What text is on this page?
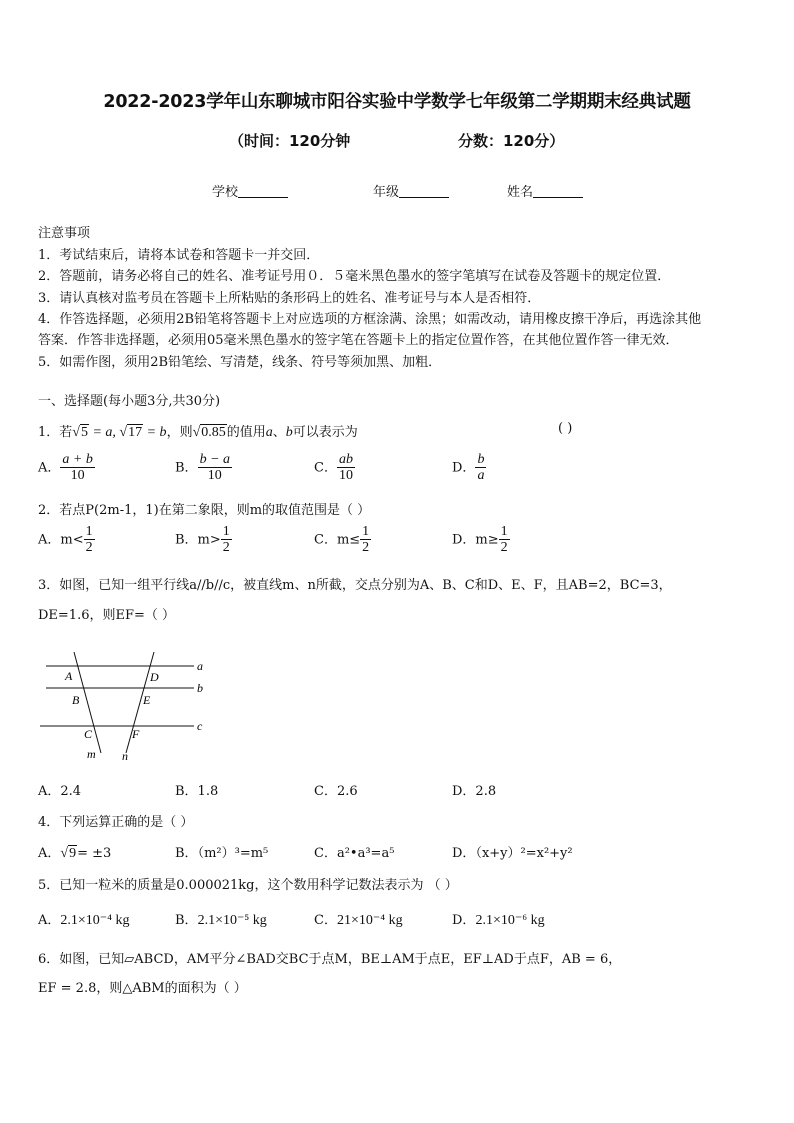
2022-2023学年山东聊城市阳谷实验中学数学七年级第二学期期末经典试题
（时间：120分钟	分数：120分）
学校	年级	姓名
注意事项
1．考试结束后，请将本试卷和答题卡一并交回．
2．答题前，请务必将自己的姓名、准考证号用０．５毫米黑色墨水的签字笔填写在试卷及答题卡的规定位置．
3．请认真核对监考员在答题卡上所粘贴的条形码上的姓名、准考证号与本人是否相符．
4．作答选择题，必须用2B铅笔将答题卡上对应选项的方框涂满、涂黑；如需改动，请用橡皮擦干净后，再选涂其他
答案．作答非选择题，必须用05毫米黑色墨水的签字笔在答题卡上的指定位置作答，在其他位置作答一律无效．
5．如需作图，须用2B铅笔绘、写清楚，线条、符号等须加黑、加粗．
一、选择题(每小题3分,共30分)
1．若√5 = a, √17 = b，则√0.85的值用a、b可以表示为	( )
A． $\frac{a + b}{10}$	B． $\frac{b - a}{10}$	C． $\frac{ab}{10}$	D． $\frac{b}{a}$
2．若点P(2m-1，1)在第二象限，则m的取值范围是（ ）
A．$m< \frac{1}{2}$	B．$m> \frac{1}{2}$	C．$m\le \frac{1}{2}$	D．$m\ge \frac{1}{2}$
3．如图，已知一组平行线a//b//c，被直线m、n所截，交点分别为A、B、C和D、E、F，且AB=2，BC=3，
DE=1.6，则EF=（ ）
a
b
c
A
B
C
D
E
F
m n
A．2.4	B．1.8	C．2.6	D．2.8
4．下列运算正确的是（ ）
A．√9= ±3	B．（m²）³=m⁵	C．a²•a³=a⁵	D．（x+y）²=x²+y²
5．已知一粒米的质量是0.000021kg，这个数用科学记数法表示为 （ ）
A．2.1×10⁻⁴ kg	B．2.1×10⁻⁵ kg	C．21×10⁻⁴ kg	D．2.1×10⁻⁶ kg
6．如图，已知▱ABCD，AM平分∠BAD交BC于点M，BE⊥AM于点E，EF⊥AD于点F，AB = 6，
EF = 2.8，则△ABM的面积为（ ）
